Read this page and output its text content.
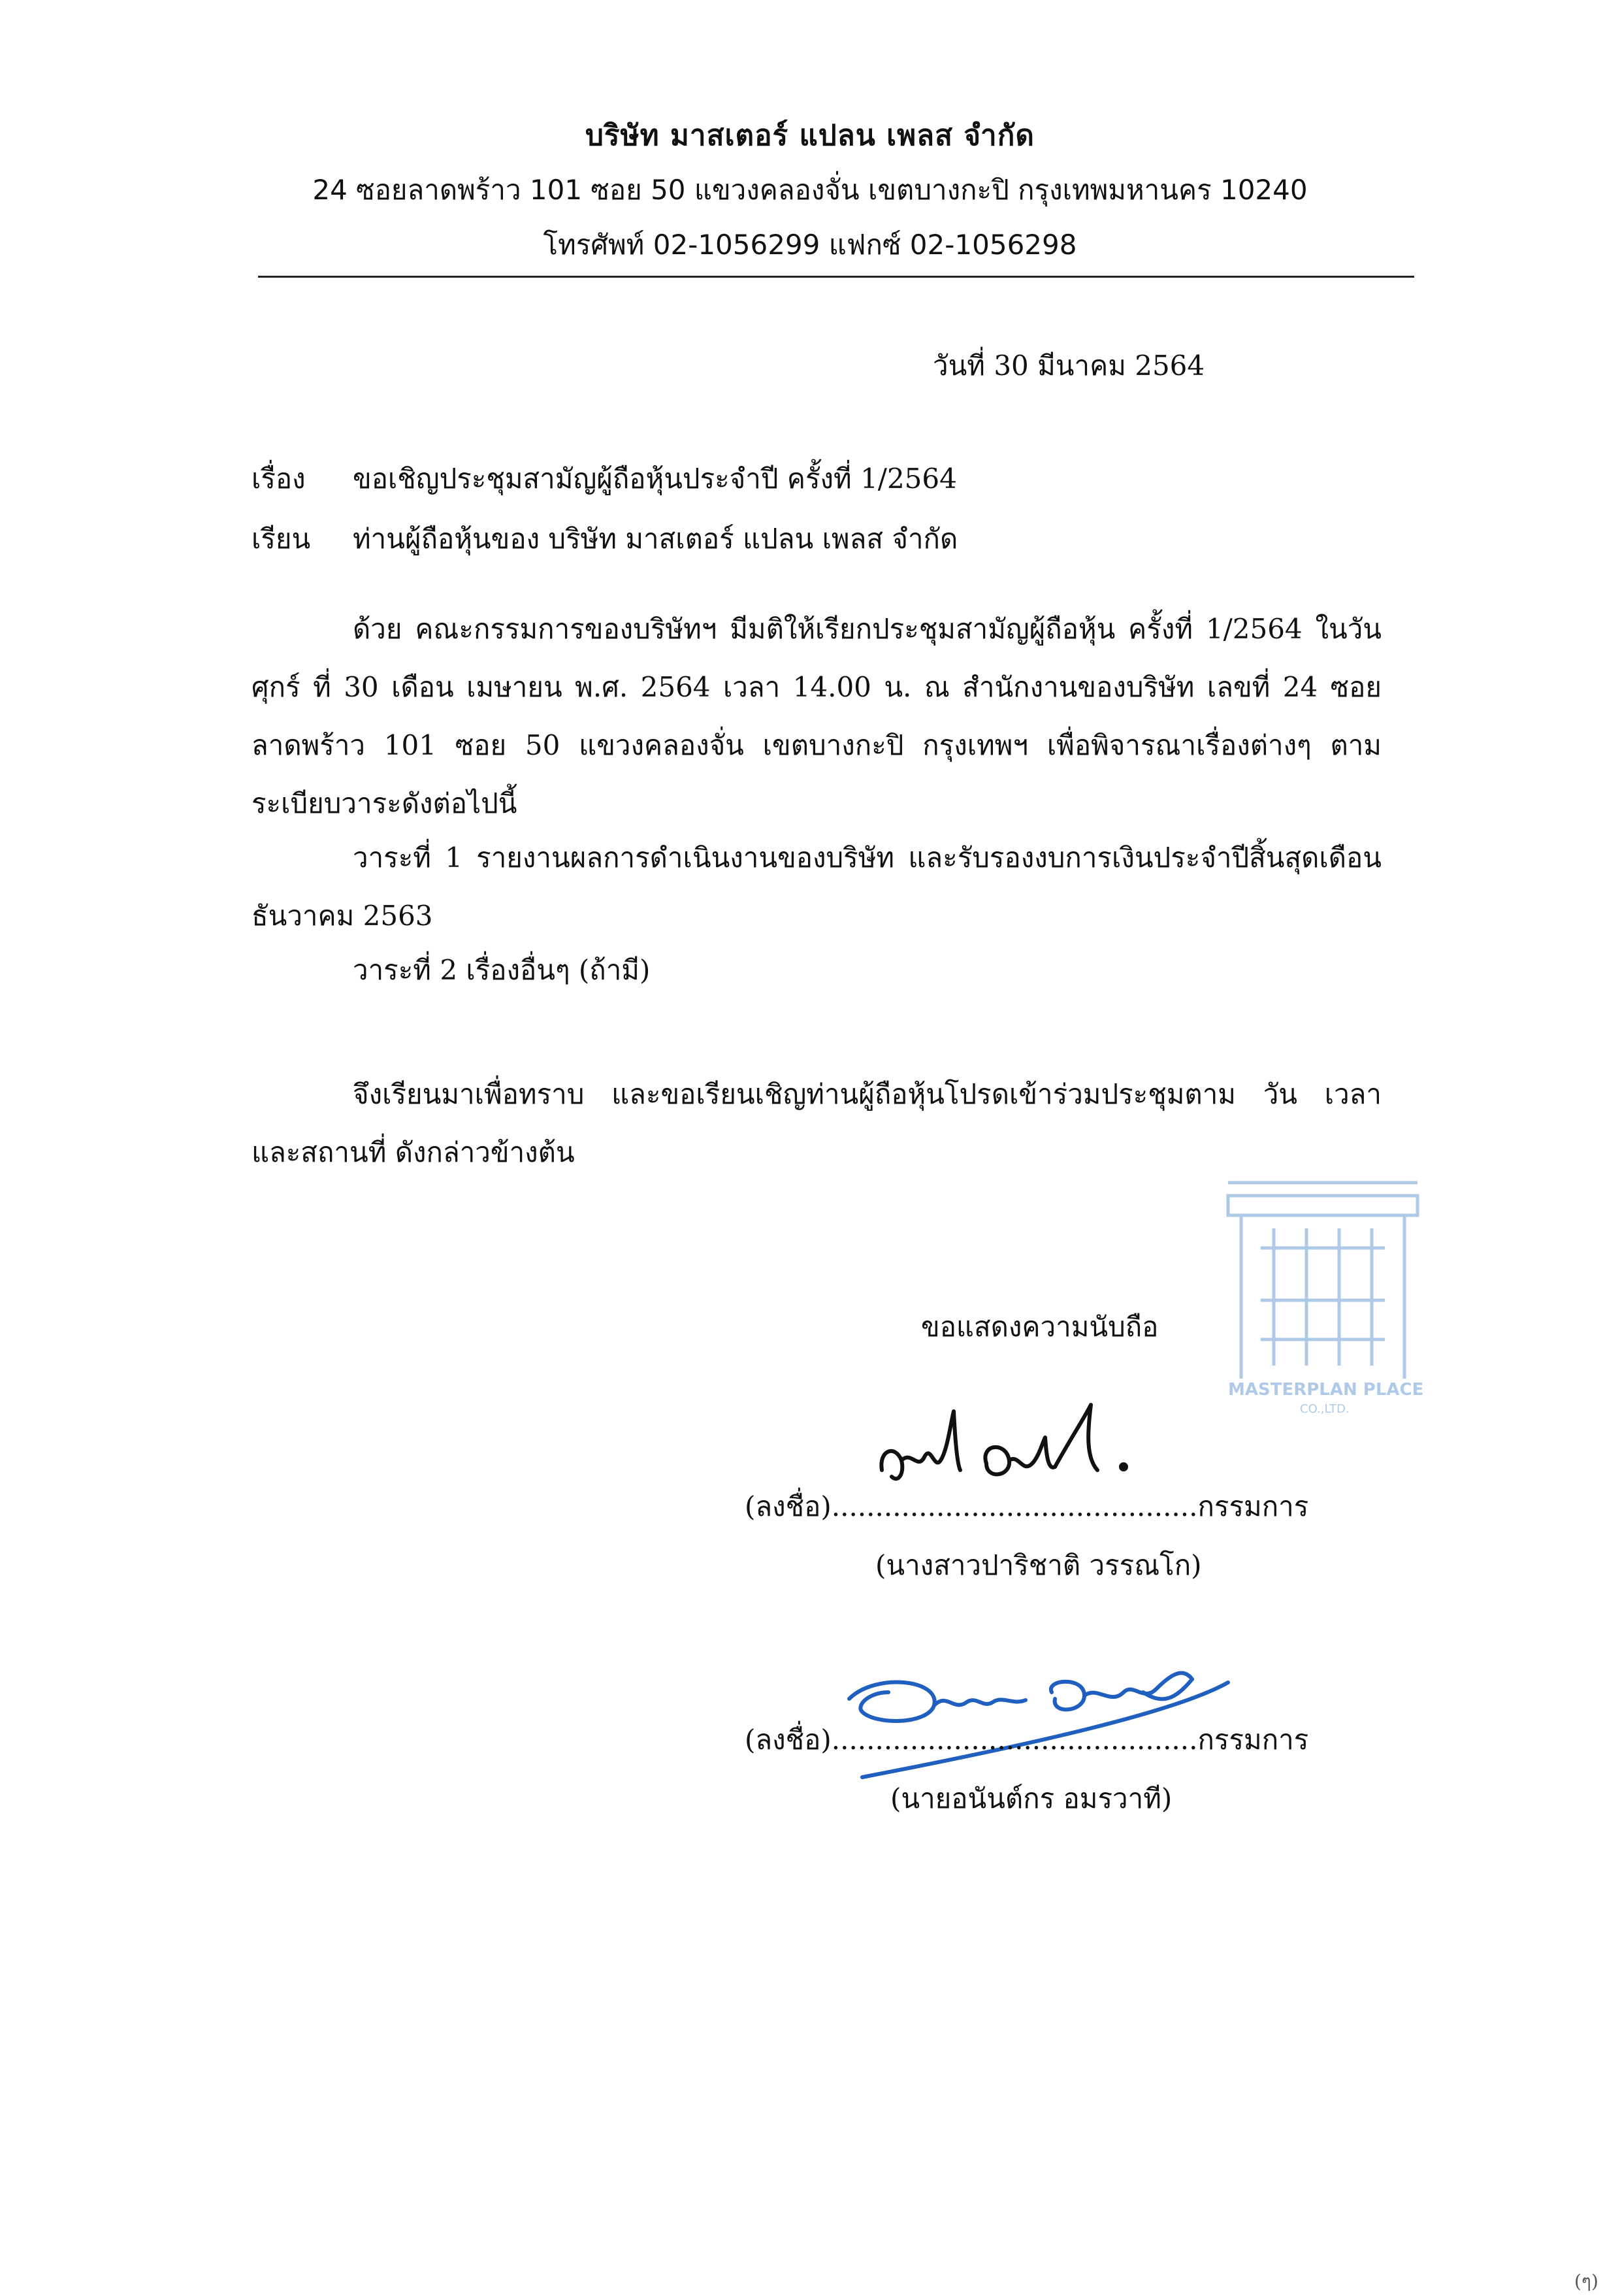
บริษัท มาสเตอร์ แปลน เพลส จำกัด
24 ซอยลาดพร้าว 101 ซอย 50 แขวงคลองจั่น เขตบางกะปิ กรุงเทพมหานคร 10240
โทรศัพท์ 02-1056299 แฟกซ์ 02-1056298
วันที่ 30 มีนาคม 2564
เรื่อง ขอเชิญประชุมสามัญผู้ถือหุ้นประจำปี ครั้งที่ 1/2564
เรียน ท่านผู้ถือหุ้นของ บริษัท มาสเตอร์ แปลน เพลส จำกัด
ด้วย คณะกรรมการของบริษัทฯ มีมติให้เรียกประชุมสามัญผู้ถือหุ้น ครั้งที่ 1/2564 ในวันศุกร์ ที่ 30 เดือน เมษายน พ.ศ. 2564 เวลา 14.00 น. ณ สำนักงานของบริษัท เลขที่ 24 ซอยลาดพร้าว 101 ซอย 50 แขวงคลองจั่น เขตบางกะปิ กรุงเทพฯ เพื่อพิจารณาเรื่องต่างๆ ตามระเบียบวาระดังต่อไปนี้
วาระที่ 1 รายงานผลการดำเนินงานของบริษัท และรับรองงบการเงินประจำปีสิ้นสุดเดือนธันวาคม 2563
วาระที่ 2 เรื่องอื่นๆ (ถ้ามี)
จึงเรียนมาเพื่อทราบ และขอเรียนเชิญท่านผู้ถือหุ้นโปรดเข้าร่วมประชุมตาม วัน เวลา และสถานที่ ดังกล่าวข้างต้น
ขอแสดงความนับถือ
MASTERPLAN PLACE
CO.,LTD.
(ลงชื่อ)..........................................กรรมการ
(นางสาวปาริชาติ วรรณโก)
(ลงชื่อ)..........................................กรรมการ
(นายอนันต์กร อมรวาที)
(ๆ)
